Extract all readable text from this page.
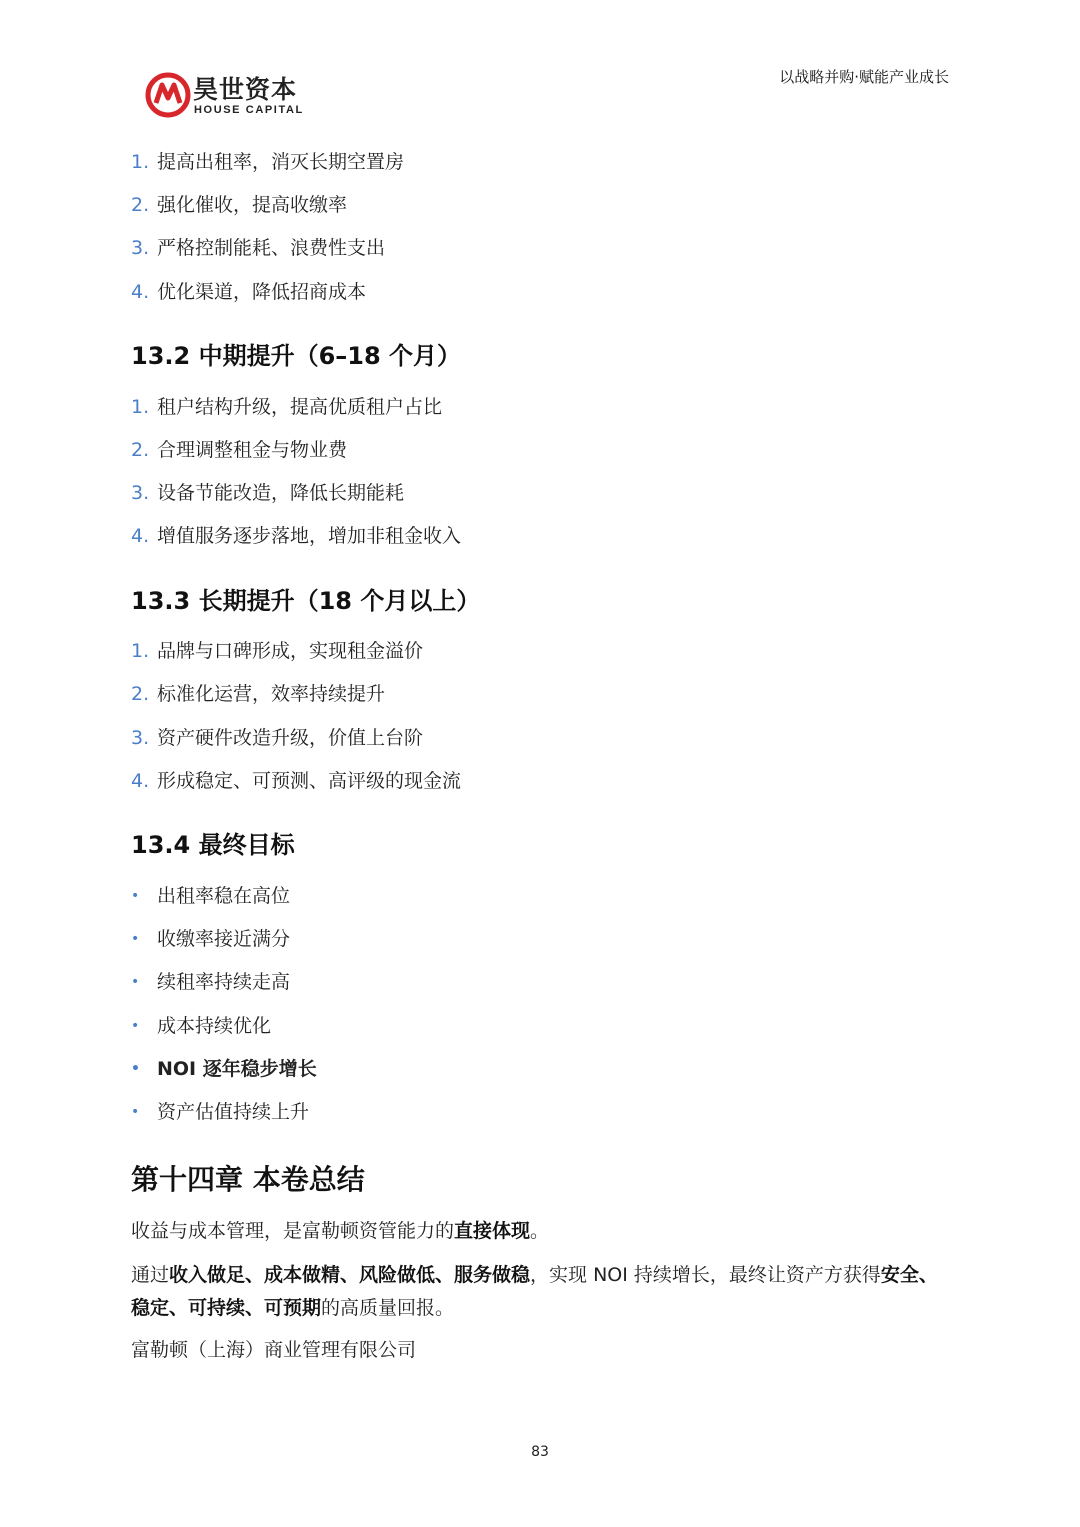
昊世资本
HOUSE CAPITAL
以战略并购·赋能产业成长
1. 提高出租率，消灭长期空置房
2. 强化催收，提高收缴率
3. 严格控制能耗、浪费性支出
4. 优化渠道，降低招商成本
13.2 中期提升（6–18 个月）
1. 租户结构升级，提高优质租户占比
2. 合理调整租金与物业费
3. 设备节能改造，降低长期能耗
4. 增值服务逐步落地，增加非租金收入
13.3 长期提升（18 个月以上）
1. 品牌与口碑形成，实现租金溢价
2. 标准化运营，效率持续提升
3. 资产硬件改造升级，价值上台阶
4. 形成稳定、可预测、高评级的现金流
13.4 最终目标
• 出租率稳在高位
• 收缴率接近满分
• 续租率持续走高
• 成本持续优化
• NOI 逐年稳步增长
• 资产估值持续上升
第十四章 本卷总结
收益与成本管理，是富勒顿资管能力的直接体现。
通过收入做足、成本做精、风险做低、服务做稳，实现 NOI 持续增长，最终让资产方获得安全、稳定、可持续、可预期的高质量回报。
富勒顿（上海）商业管理有限公司
83
